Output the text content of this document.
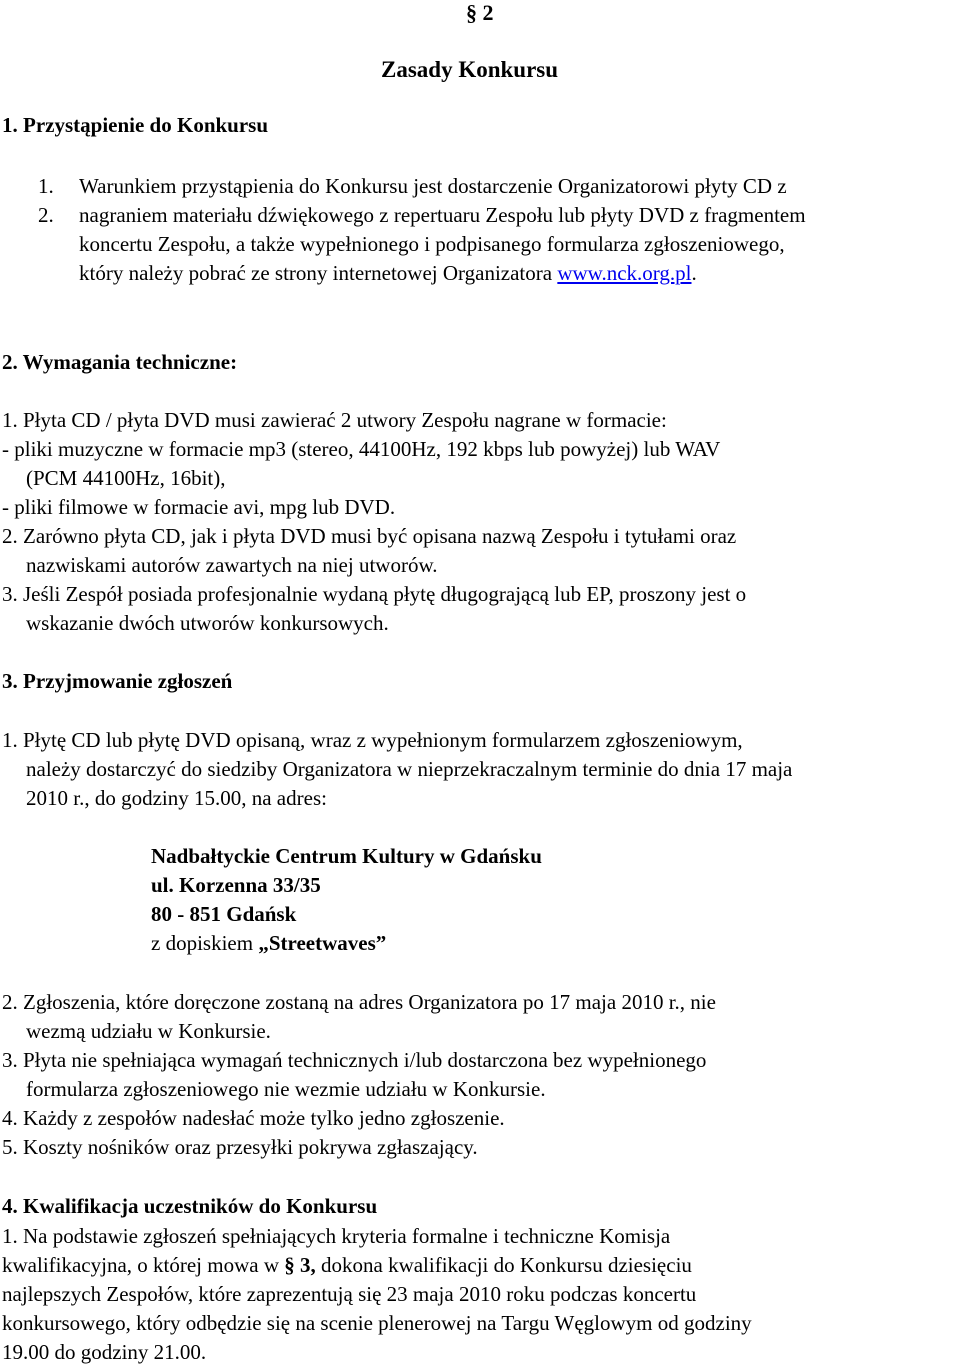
§ 2
Zasady Konkursu
1. Przystąpienie do Konkursu
1. Warunkiem przystąpienia do Konkursu jest dostarczenie Organizatorowi płyty CD z
2. nagraniem materiału dźwiękowego z repertuaru Zespołu lub płyty DVD z fragmentem
koncertu Zespołu, a także wypełnionego i podpisanego formularza zgłoszeniowego,
który należy pobrać ze strony internetowej Organizatora www.nck.org.pl.
2. Wymagania techniczne:
1. Płyta CD / płyta DVD musi zawierać 2 utwory Zespołu nagrane w formacie:
- pliki muzyczne w formacie mp3 (stereo, 44100Hz, 192 kbps lub powyżej) lub WAV
(PCM 44100Hz, 16bit),
- pliki filmowe w formacie avi, mpg lub DVD.
2. Zarówno płyta CD, jak i płyta DVD musi być opisana nazwą Zespołu i tytułami oraz
nazwiskami autorów zawartych na niej utworów.
3. Jeśli Zespół posiada profesjonalnie wydaną płytę długogrającą lub EP, proszony jest o
wskazanie dwóch utworów konkursowych.
3. Przyjmowanie zgłoszeń
1. Płytę CD lub płytę DVD opisaną, wraz z wypełnionym formularzem zgłoszeniowym,
należy dostarczyć do siedziby Organizatora w nieprzekraczalnym terminie do dnia 17 maja
2010 r., do godziny 15.00, na adres:
Nadbałtyckie Centrum Kultury w Gdańsku
ul. Korzenna 33/35
80 - 851 Gdańsk
z dopiskiem „Streetwaves”
2. Zgłoszenia, które doręczone zostaną na adres Organizatora po 17 maja 2010 r., nie
wezmą udziału w Konkursie.
3. Płyta nie spełniająca wymagań technicznych i/lub dostarczona bez wypełnionego
formularza zgłoszeniowego nie wezmie udziału w Konkursie.
4. Każdy z zespołów nadesłać może tylko jedno zgłoszenie.
5. Koszty nośników oraz przesyłki pokrywa zgłaszający.
4. Kwalifikacja uczestników do Konkursu
1. Na podstawie zgłoszeń spełniających kryteria formalne i techniczne Komisja
kwalifikacyjna, o której mowa w § 3, dokona kwalifikacji do Konkursu dziesięciu
najlepszych Zespołów, które zaprezentują się 23 maja 2010 roku podczas koncertu
konkursowego, który odbędzie się na scenie plenerowej na Targu Węglowym od godziny
19.00 do godziny 21.00.
